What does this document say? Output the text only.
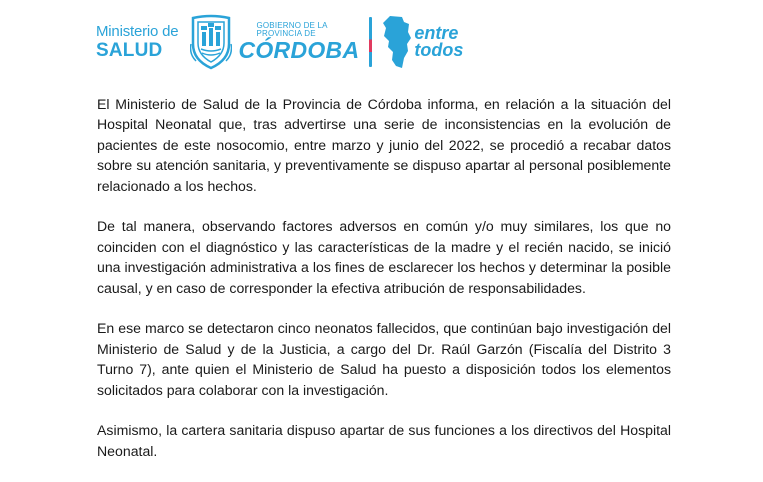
Ministerio de
SALUD
GOBIERNO DE LA
PROVINCIA DE
CÓRDOBA
entre
todos

El Ministerio de Salud de la Provincia de Córdoba informa, en relación a la situación del Hospital Neonatal que, tras advertirse una serie de inconsistencias en la evolución de pacientes de este nosocomio, entre marzo y junio del 2022, se procedió a recabar datos sobre su atención sanitaria, y preventivamente se dispuso apartar al personal posiblemente relacionado a los hechos.

De tal manera, observando factores adversos en común y/o muy similares, los que no coinciden con el diagnóstico y las características de la madre y el recién nacido, se inició una investigación administrativa a los fines de esclarecer los hechos y determinar la posible causal, y en caso de corresponder la efectiva atribución de responsabilidades.

En ese marco se detectaron cinco neonatos fallecidos, que continúan bajo investigación del Ministerio de Salud y de la Justicia, a cargo del Dr. Raúl Garzón (Fiscalía del Distrito 3 Turno 7), ante quien el Ministerio de Salud ha puesto a disposición todos los elementos solicitados para colaborar con la investigación.

Asimismo, la cartera sanitaria dispuso apartar de sus funciones a los directivos del Hospital Neonatal.
